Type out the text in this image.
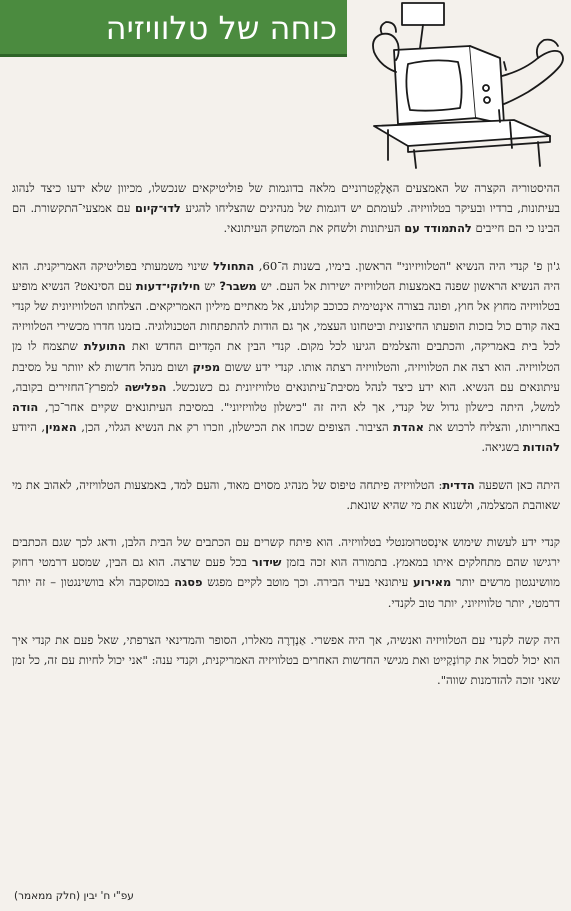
כוחה של טלוויזיה

ההיסטוריה הקצרה של האמצעים האֶלֶקְטרוניים מלאה בדוגמות של פוליטיקאים שנכשלו, מכיוון שלא ידעו כיצד לנהוג בעיתונות, ברדיו ובעיקר בטלוויזיה. לעומתם יש דוגמות של מנהיגים שהצליחו להגיע לדוּ־קיום עם אמצעי־התקשורת. הם הבינו כי הם חייבים להתמודד עם העיתונות ולשחק את המשחק העיתונאי.

ג'ון פ' קנדי היה הנשיא "הטלוויזיוני" הראשון. בימיו, בשנות ה־60, התחולל שינוי משמעותי בפוליטיקה האמריקנית. הוא היה הנשיא הראשון שפנה באמצעות הטלוויזיה ישירות אל העם. יש משבר? יש חילוקי־דעות עם הסינאט? הנשיא מופיע בטלוויזיה מחוץ אל חוץ, ופונה בצורה אינְטימית ככוכב קולנוע, אל מאתיים מיליון האמריקאים. הצלחתו הטלוויזיונית של קנדי באה קודם כול בזכות הופעתו החיצונית וביטחונו העצמי, אך גם הודות להתפתחות הטכנולוגיה. בזמנו חדרו מכשירי הטלוויזיה לכל בית באמריקה, והכתבים והצלמים הגיעו לכל מקום. קנדי הבין את המֵדיום החדש ואת התועלת שתצמח לו מן הטלוויזיה. הוא רצה את הטלוויזיה, והטלוויזיה רצתה אותו. קנדי ידע ששום מפיק ושום מנהל חדשות לא יוותר על מסיבת עיתונאים עם הנשיא. הוא ידע כיצד לנהל מסיבת־עיתונאים טלוויזיונית גם כשנכשל. הפלישה למפרץ־החזירים בקובה, למשל, היתה כישלון גדול של קנדי, אך לא היה זה "כישלון טלוויזיוני". במסיבת העיתונאים שקיים אחר־כך, הודה באחריותו, והצליח לרכוש את אהדת הציבור. הצופים שכחו את הכישלון, וזכרו רק את הנשיא הגלוי, הכן, האמין, היודע להודות בשגיאה.

היתה כאן השפעה הדדית: הטלוויזיה פיתחה טיפוס של מנהיג מסוים מאוד, והעם למד, באמצעות הטלוויזיה, לאהוב את מי שאוהבת המצלמה, ולשנוא את מי שהיא שונאת.

קנדי ידע לעשות שימוש אינְסטרוּמנטלי בטלוויזיה. הוא פיתח קשרים עם הכתבים של הבית הלבן, ודאג לכך שגם הכתבים ירגישו שהם מתחלקים איתו במאמץ. בתמורה הוא זכה בזמן שידור בכל פעם שרצה. הוא גם הבין, שמסע דרמטי רחוק מוושינגטון מרשים יותר מאירוע עיתונאי בעיר הבירה. וכך מוטב לקיים מפגש פסגה במוסקבה ולא בוושינגטון – זה יותר דרמטי, יותר טלוויזיוני, יותר טוב לקנדי.

היה קשה לקנדי עם הטלוויזיה ואנשיה, אך היה אפשרי. אַנְדְרֶה מאלרו, הסופר והמדינאי הצרפתי, שאל פעם את קנדי איך הוא יכול לסבול את קרוֹנְקַייט ואת מגישי החדשות האחרים בטלוויזיה האמריקנית, וקנדי ענה: "אני יכול לחיות עם זה, כל זמן שאני זוכה להזדמנות שווה".

עפ"י ח' יבין (חלק ממאמר)
